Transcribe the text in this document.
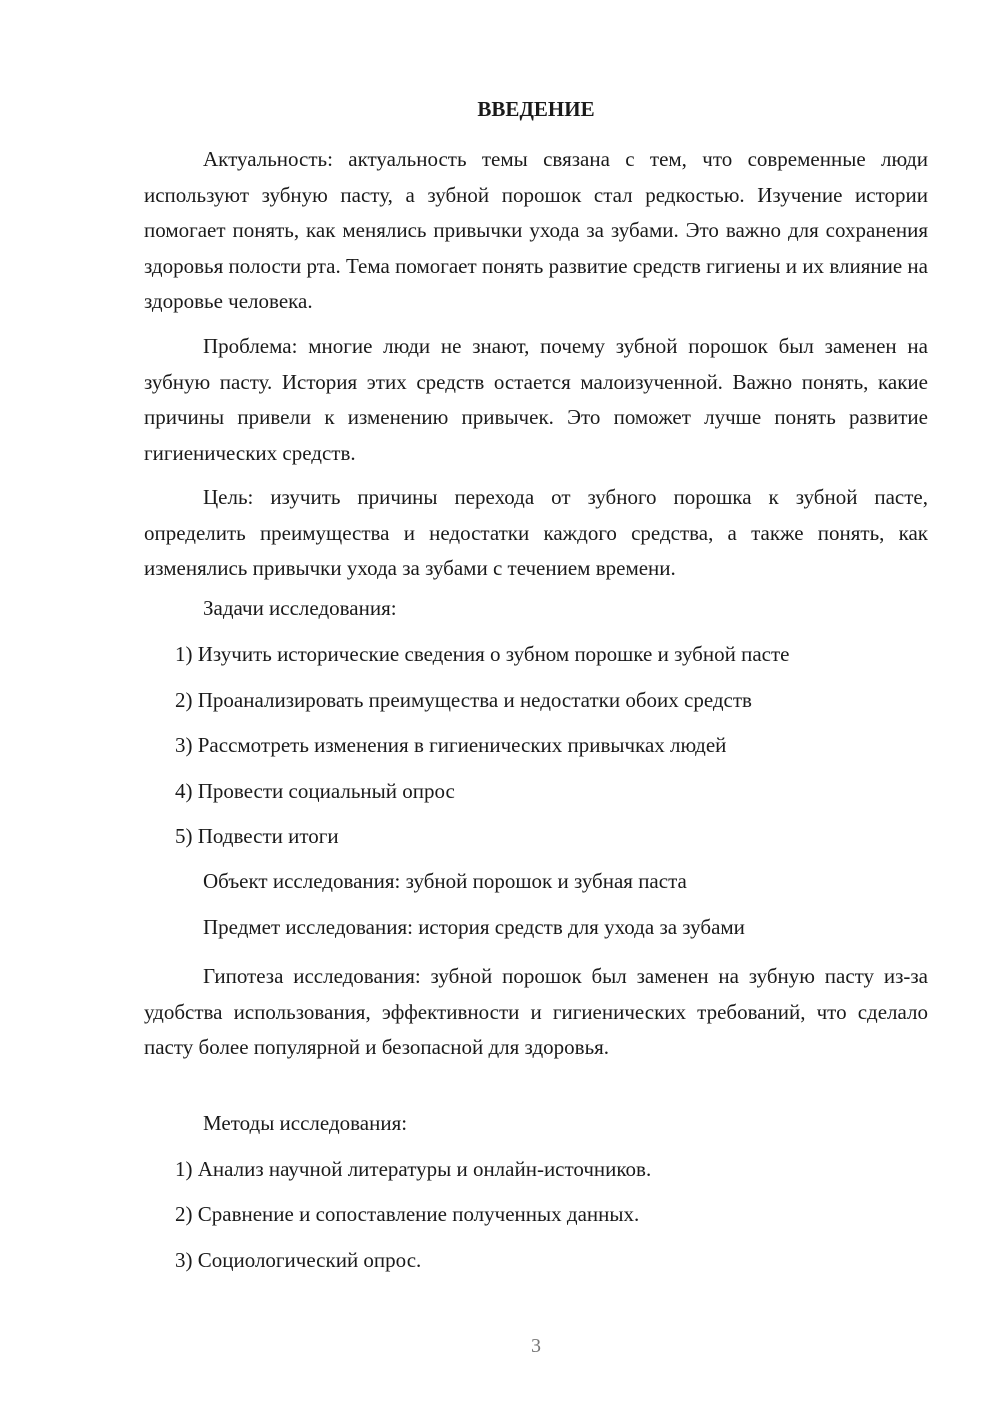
ВВЕДЕНИЕ

Актуальность: актуальность темы связана с тем, что современные люди используют зубную пасту, а зубной порошок стал редкостью. Изучение истории помогает понять, как менялись привычки ухода за зубами. Это важно для сохранения здоровья полости рта. Тема помогает понять развитие средств гигиены и их влияние на здоровье человека.

Проблема: многие люди не знают, почему зубной порошок был заменен на зубную пасту. История этих средств остается малоизученной. Важно понять, какие причины привели к изменению привычек. Это поможет лучше понять развитие гигиенических средств.

Цель: изучить причины перехода от зубного порошка к зубной пасте, определить преимущества и недостатки каждого средства, а также понять, как изменялись привычки ухода за зубами с течением времени.

Задачи исследования:

1) Изучить исторические сведения о зубном порошке и зубной пасте

2) Проанализировать преимущества и недостатки обоих средств

3) Рассмотреть изменения в гигиенических привычках людей

4) Провести социальный опрос

5) Подвести итоги

Объект исследования: зубной порошок и зубная паста

Предмет исследования: история средств для ухода за зубами

Гипотеза исследования: зубной порошок был заменен на зубную пасту из-за удобства использования, эффективности и гигиенических требований, что сделало пасту более популярной и безопасной для здоровья.

Методы исследования:

1) Анализ научной литературы и онлайн-источников.

2) Сравнение и сопоставление полученных данных.

3) Социологический опрос.

3
